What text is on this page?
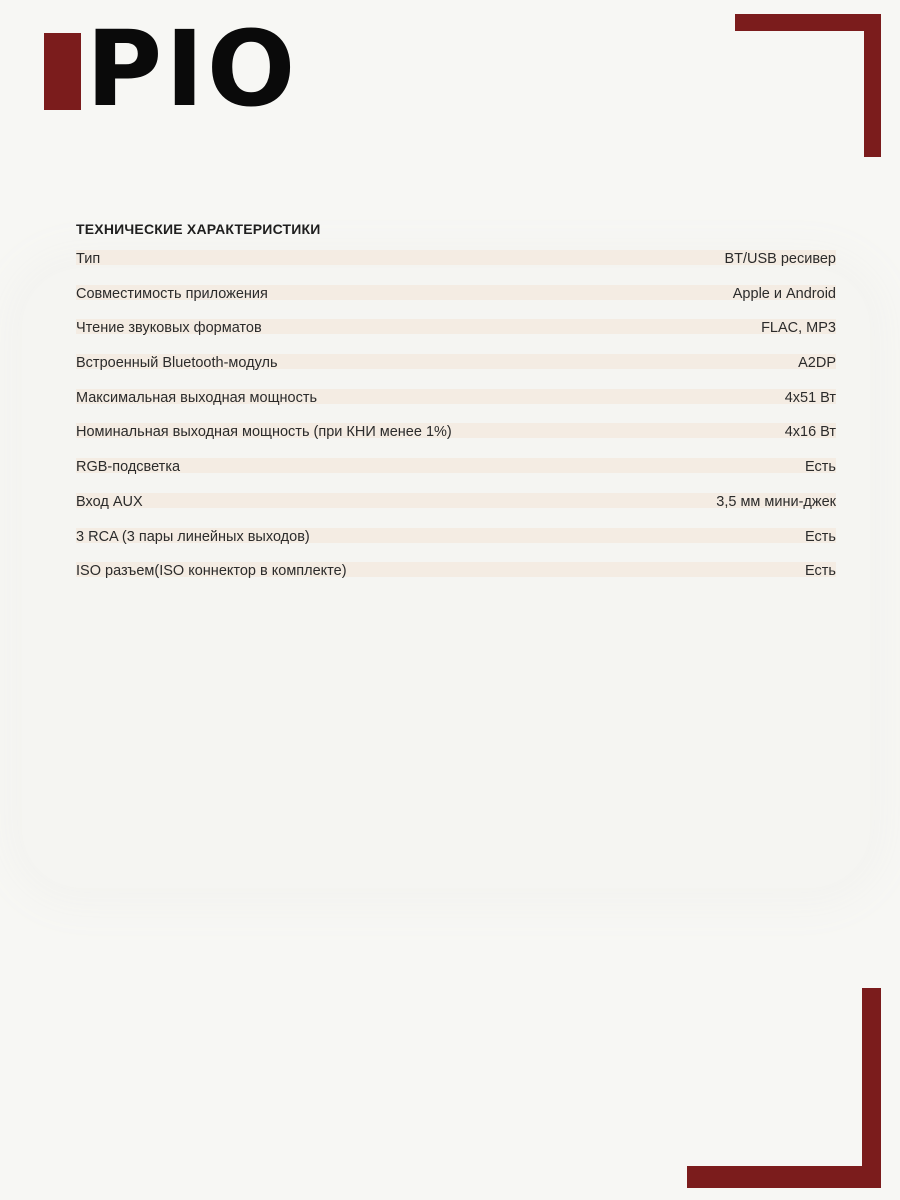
PIO
ТЕХНИЧЕСКИЕ ХАРАКТЕРИСТИКИ
Тип	BT/USB ресивер
Совместимость приложения	Apple и Android
Чтение звуковых форматов	FLAC, MP3
Встроенный Bluetooth-модуль	A2DP
Максимальная выходная мощность	4x51 Вт
Номинальная выходная мощность (при КНИ менее 1%)	4x16 Вт
RGB-подсветка	Есть
Вход AUX	3,5 мм мини-джек
3 RCA (3 пары линейных выходов)	Есть
ISO разъем(ISO коннектор в комплекте)	Есть
